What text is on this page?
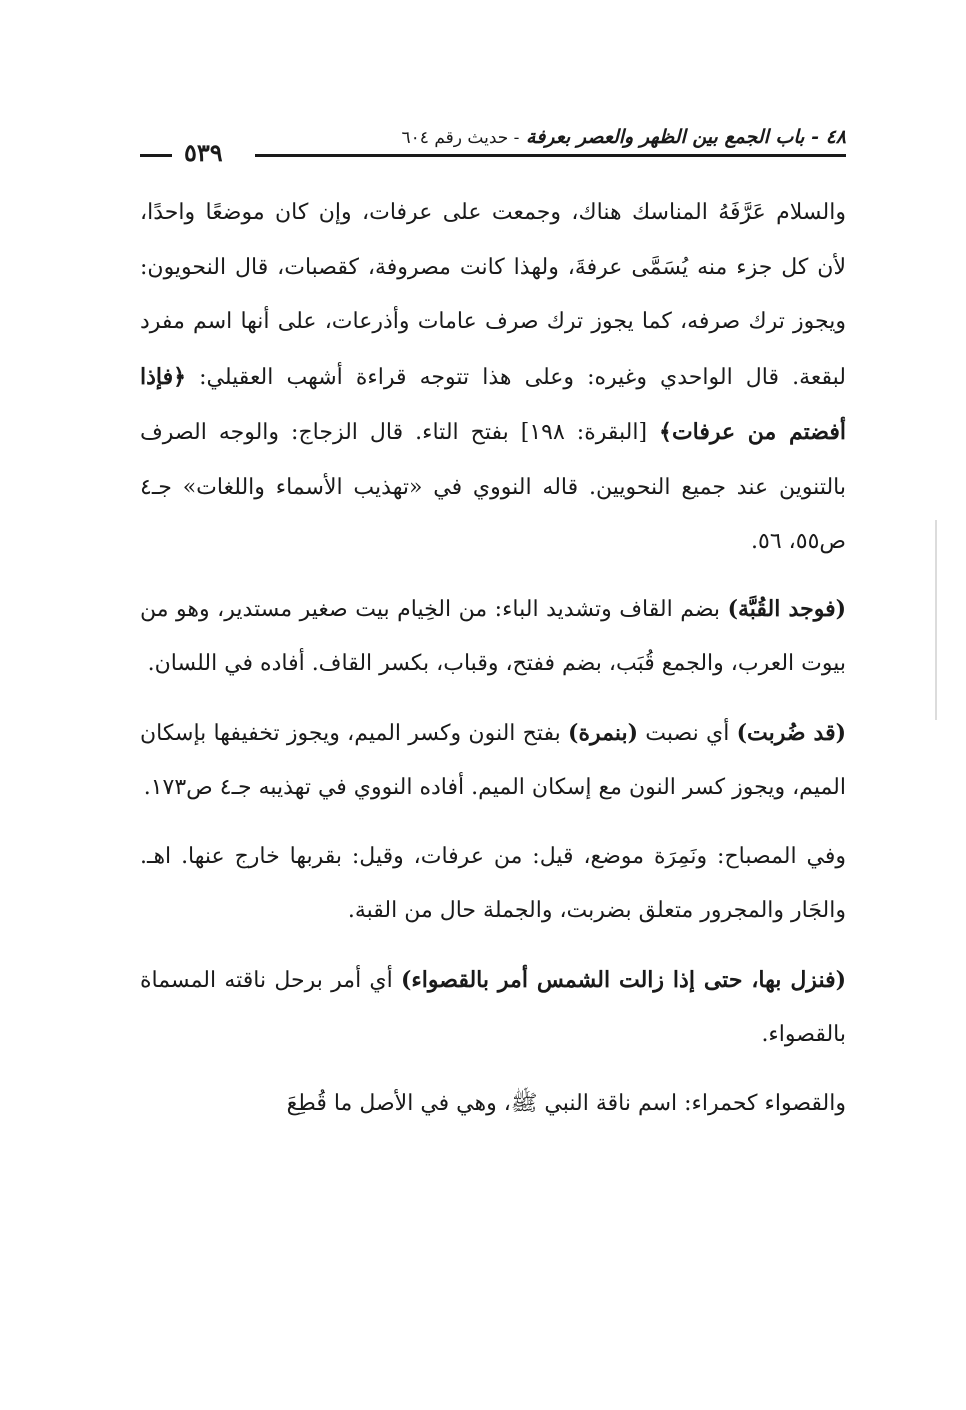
٤٨ - باب الجمع بين الظهر والعصر بعرفة - حديث رقم ٦٠٤
٥٣٩

والسلام عَرَّفَهُ المناسك هناك، وجمعت على عرفات، وإن كان موضعًا واحدًا، لأن كل جزء منه يُسَمَّى عرفةَ، ولهذا كانت مصروفة، كقصبات، قال النحويون: ويجوز ترك صرفه، كما يجوز ترك صرف عامات وأذرعات، على أنها اسم مفرد لبقعة. قال الواحدي وغيره: وعلى هذا تتوجه قراءة أشهب العقيلي: ﴿فإذا أفضتم من عرفات﴾ [البقرة: ١٩٨] بفتح التاء. قال الزجاج: والوجه الصرف بالتنوين عند جميع النحويين. قاله النووي في «تهذيب الأسماء واللغات» جـ٤ ص٥٥، ٥٦.

(فوجد القُبَّة) بضم القاف وتشديد الباء: من الخِيام بيت صغير مستدير، وهو من بيوت العرب، والجمع قُبَب، بضم ففتح، وقباب، بكسر القاف. أفاده في اللسان.

(قد ضُربت) أي نصبت (بنمرة) بفتح النون وكسر الميم، ويجوز تخفيفها بإسكان الميم، ويجوز كسر النون مع إسكان الميم. أفاده النووي في تهذيبه جـ٤ ص١٧٣.

وفي المصباح: ونَمِرَة موضع، قيل: من عرفات، وقيل: بقربها خارج عنها. اهـ. والجَار والمجرور متعلق بضربت، والجملة حال من القبة.

(فنزل بها، حتى إذا زالت الشمس أمر بالقصواء) أي أمر برحل ناقته المسماة بالقصواء.

والقصواء كحمراء: اسم ناقة النبي ﷺ، وهي في الأصل ما قُطِعَ
